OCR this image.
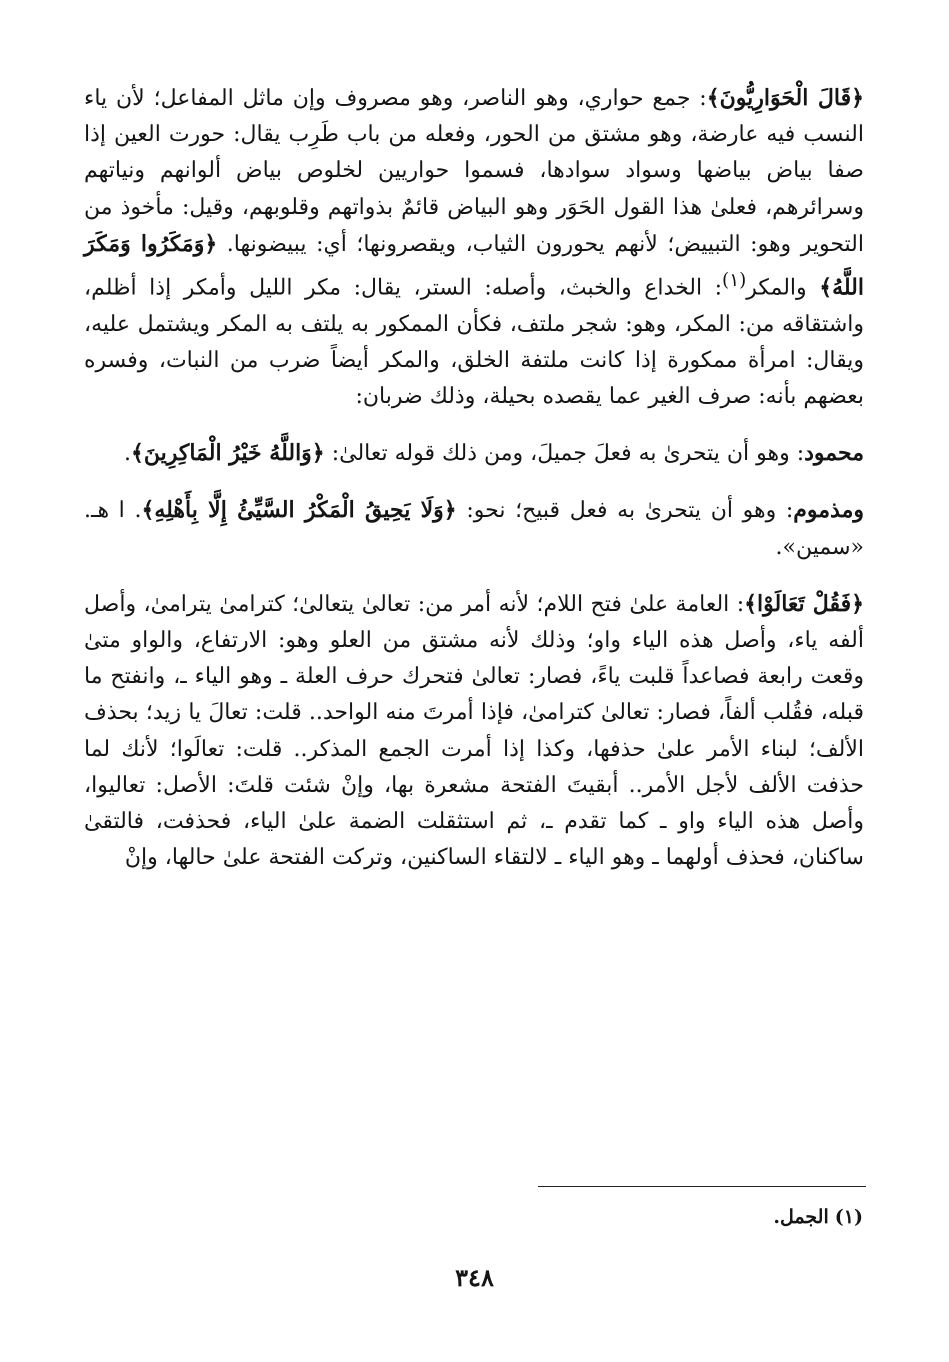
﴿قَالَ الْحَوَارِيُّونَ﴾: جمع حواري، وهو الناصر، وهو مصروف وإن ماثل المفاعل؛ لأن ياء النسب فيه عارضة، وهو مشتق من الحور، وفعله من باب طَرِب يقال: حورت العين إذا صفا بياض بياضها وسواد سوادها، فسموا حواريين لخلوص بياض ألوانهم ونياتهم وسرائرهم، فعلىٰ هذا القول الحَوَر وهو البياض قائمٌ بذواتهم وقلوبهم، وقيل: مأخوذ من التحوير وهو: التبييض؛ لأنهم يحورون الثياب، ويقصرونها؛ أي: يبيضونها. ﴿وَمَكَرُوا وَمَكَرَ اللَّهُ﴾ والمكر$^{(١)}$: الخداع والخبث، وأصله: الستر، يقال: مكر الليل وأمكر إذا أظلم، واشتقاقه من: المكر، وهو: شجر ملتف، فكأن الممكور به يلتف به المكر ويشتمل عليه، ويقال: امرأة ممكورة إذا كانت ملتفة الخلق، والمكر أيضاً ضرب من النبات، وفسره بعضهم بأنه: صرف الغير عما يقصده بحيلة، وذلك ضربان:

محمود: وهو أن يتحرىٰ به فعلَ جميلَ، ومن ذلك قوله تعالىٰ: ﴿وَاللَّهُ خَيْرُ الْمَاكِرِينَ﴾.

ومذموم: وهو أن يتحرىٰ به فعل قبيح؛ نحو: ﴿وَلَا يَحِيقُ الْمَكْرُ السَّيِّئُ إِلَّا بِأَهْلِهِ﴾. ا هـ. «سمين».

﴿فَقُلْ تَعَالَوْا﴾: العامة علىٰ فتح اللام؛ لأنه أمر من: تعالىٰ يتعالىٰ؛ كترامىٰ يترامىٰ، وأصل ألفه ياء، وأصل هذه الياء واو؛ وذلك لأنه مشتق من العلو وهو: الارتفاع، والواو متىٰ وقعت رابعة فصاعداً قلبت ياءً، فصار: تعالىٰ فتحرك حرف العلة ـ وهو الياء ـ، وانفتح ما قبله، فقُلب ألفاً، فصار: تعالىٰ كترامىٰ، فإذا أمرتَ منه الواحد.. قلت: تعالَ يا زيد؛ بحذف الألف؛ لبناء الأمر علىٰ حذفها، وكذا إذا أمرت الجمع المذكر.. قلت: تعالَوا؛ لأنك لما حذفت الألف لأجل الأمر.. أبقيتَ الفتحة مشعرة بها، وإنْ شئت قلتَ: الأصل: تعاليوا، وأصل هذه الياء واو ـ كما تقدم ـ، ثم استثقلت الضمة علىٰ الياء، فحذفت، فالتقىٰ ساكنان، فحذف أولهما ـ وهو الياء ـ لالتقاء الساكنين، وتركت الفتحة علىٰ حالها، وإنْ

(١) الجمل.
٣٤٨
